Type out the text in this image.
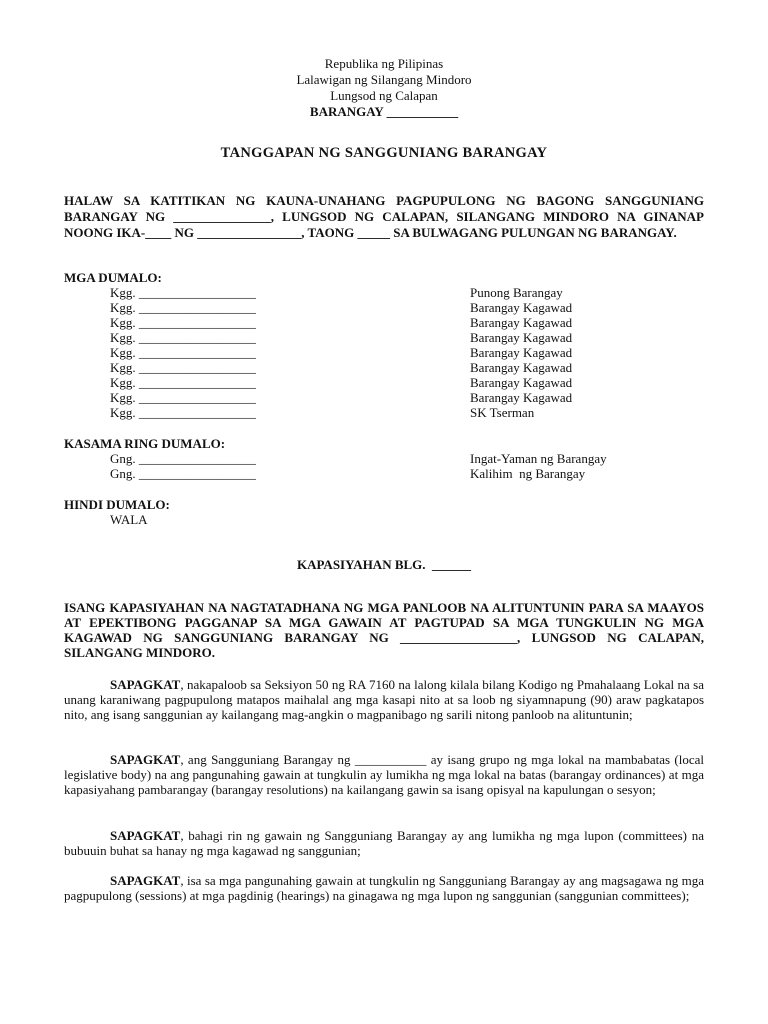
Republika ng Pilipinas
Lalawigan ng Silangang Mindoro
Lungsod ng Calapan
BARANGAY ___________
TANGGAPAN NG SANGGUNIANG BARANGAY
HALAW SA KATITIKAN NG KAUNA-UNAHANG PAGPUPULONG NG BAGONG SANGGUNIANG BARANGAY NG _______________, LUNGSOD NG CALAPAN, SILANGANG MINDORO NA GINANAP NOONG IKA-____ NG ________________, TAONG _____ SA BULWAGANG PULUNGAN NG BARANGAY.
MGA DUMALO:
Kgg. __________________	Punong Barangay
Kgg. __________________	Barangay Kagawad
Kgg. __________________	Barangay Kagawad
Kgg. __________________	Barangay Kagawad
Kgg. __________________	Barangay Kagawad
Kgg. __________________	Barangay Kagawad
Kgg. __________________	Barangay Kagawad
Kgg. __________________	Barangay Kagawad
Kgg. __________________	SK Tserman
KASAMA RING DUMALO:
Gng. __________________	Ingat-Yaman ng Barangay
Gng. __________________	Kalihim  ng Barangay
HINDI DUMALO:
WALA
KAPASIYAHAN BLG.  ______
ISANG KAPASIYAHAN NA NAGTATADHANA NG MGA PANLOOB NA ALITUNTUNIN PARA SA MAAYOS AT EPEKTIBONG PAGGANAP SA MGA GAWAIN AT PAGTUPAD SA MGA TUNGKULIN NG MGA KAGAWAD NG SANGGUNIANG BARANGAY NG __________________, LUNGSOD NG CALAPAN, SILANGANG MINDORO.
SAPAGKAT, nakapaloob sa Seksiyon 50 ng RA 7160 na lalong kilala bilang Kodigo ng Pmahalaang Lokal na sa unang karaniwang pagpupulong matapos maihalal ang mga kasapi nito at sa loob ng siyamnapung (90) araw pagkatapos nito, ang isang sanggunian ay kailangang mag-angkin o magpanibago ng sarili nitong panloob na alituntunin;
SAPAGKAT, ang Sangguniang Barangay ng ___________ ay isang grupo ng mga lokal na mambabatas (local legislative body) na ang pangunahing gawain at tungkulin ay lumikha ng mga lokal na batas (barangay ordinances) at mga kapasiyahang pambarangay (barangay resolutions) na kailangang gawin sa isang opisyal na kapulungan o sesyon;
SAPAGKAT, bahagi rin ng gawain ng Sangguniang Barangay ay ang lumikha ng mga lupon (committees) na bubuuin buhat sa hanay ng mga kagawad ng sanggunian;
SAPAGKAT, isa sa mga pangunahing gawain at tungkulin ng Sangguniang Barangay ay ang magsagawa ng mga pagpupulong (sessions) at mga pagdinig (hearings) na ginagawa ng mga lupon ng sanggunian (sanggunian committees);
